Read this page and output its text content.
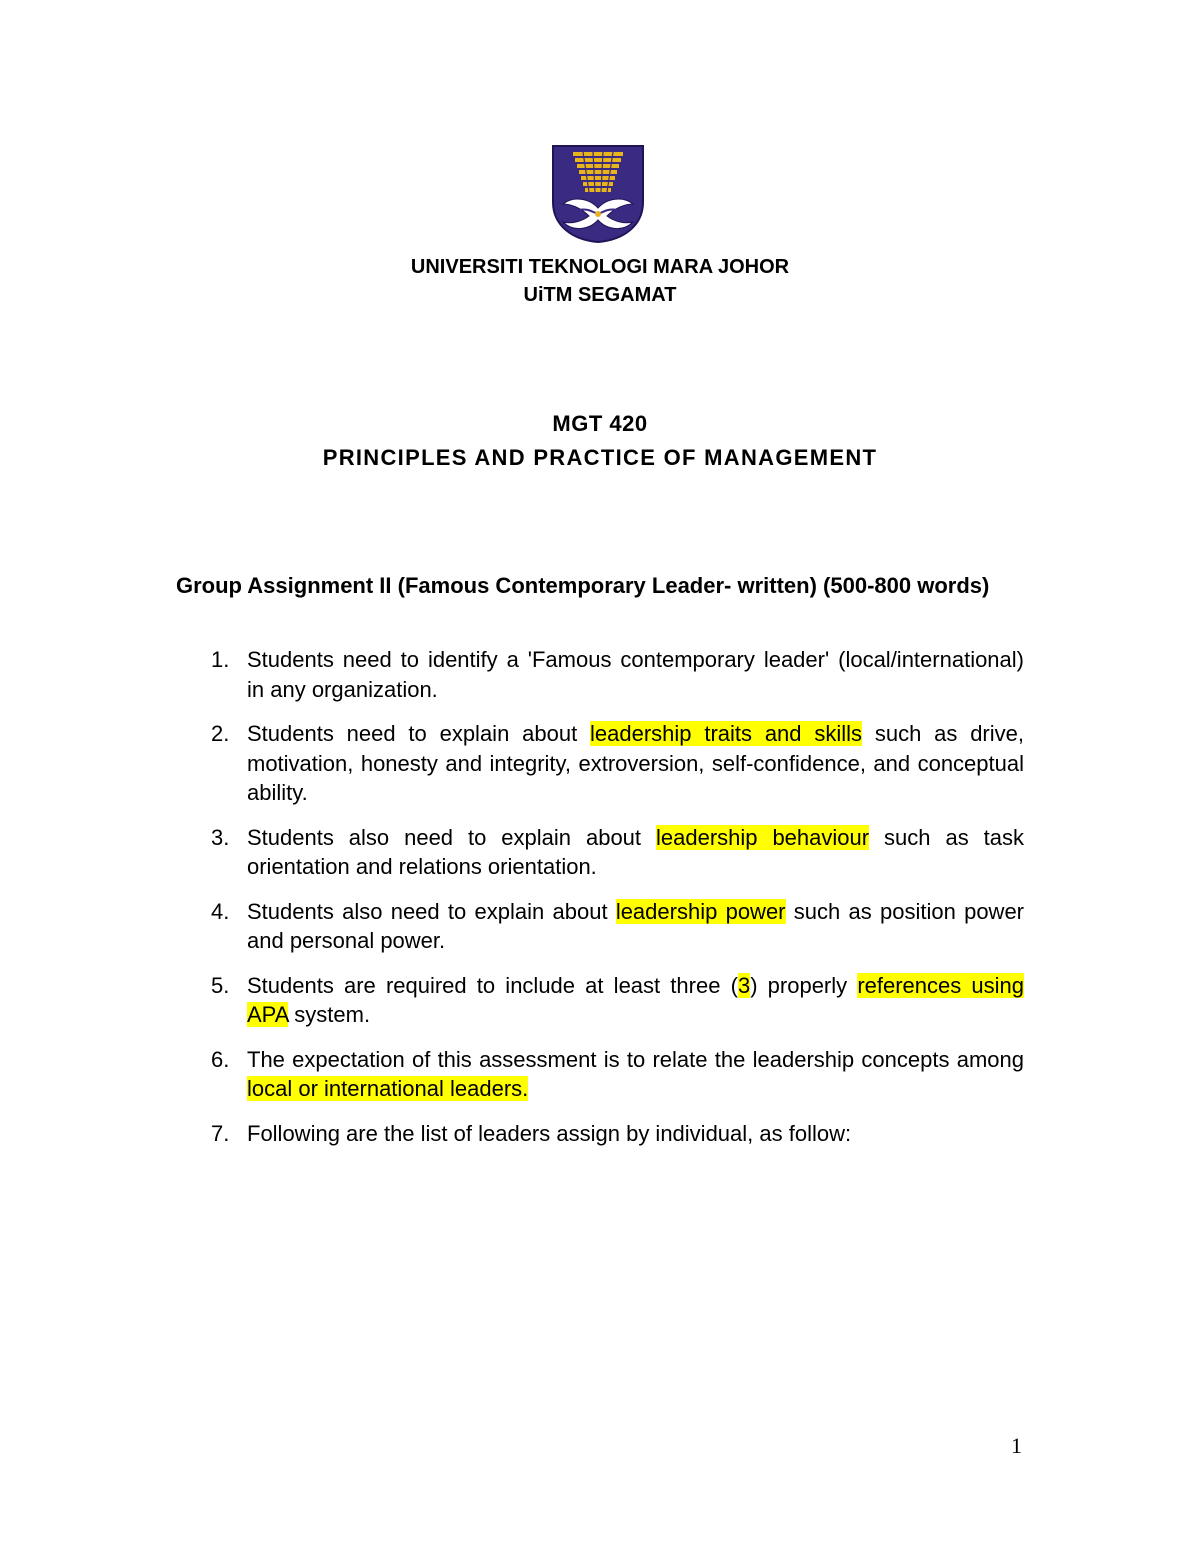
UNIVERSITI TEKNOLOGI MARA JOHOR
UiTM SEGAMAT
MGT 420
PRINCIPLES AND PRACTICE OF MANAGEMENT
Group Assignment II (Famous Contemporary Leader- written) (500-800 words)
1. Students need to identify a 'Famous contemporary leader' (local/international) in any organization.
2. Students need to explain about leadership traits and skills such as drive, motivation, honesty and integrity, extroversion, self-confidence, and conceptual ability.
3. Students also need to explain about leadership behaviour such as task orientation and relations orientation.
4. Students also need to explain about leadership power such as position power and personal power.
5. Students are required to include at least three (3) properly references using APA system.
6. The expectation of this assessment is to relate the leadership concepts among local or international leaders.
7. Following are the list of leaders assign by individual, as follow:
1
